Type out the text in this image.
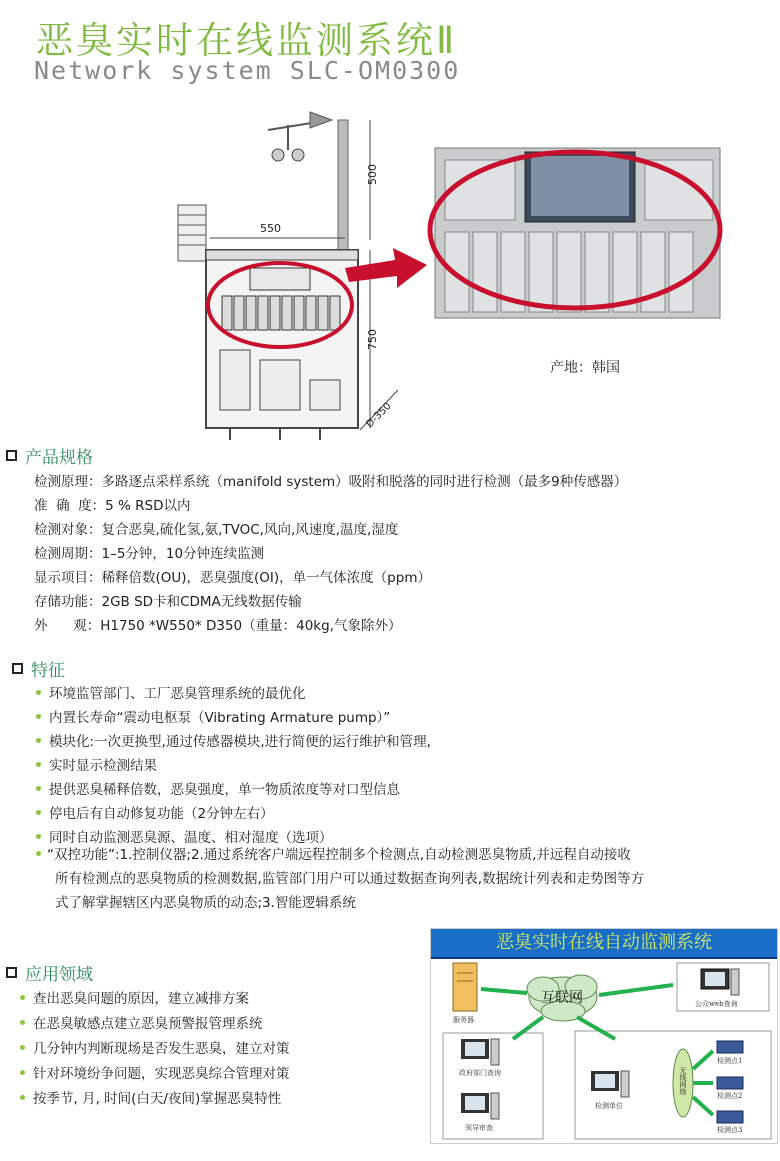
恶臭实时在线监测系统Ⅱ
Network system SLC-OM0300
550
500
750
D-350
产地：韩国
产品规格
检测原理：多路逐点采样系统（manifold system）吸附和脱落的同时进行检测（最多9种传感器）
准  确  度：5 % RSD以内
检测对象：复合恶臭,硫化氢,氨,TVOC,风向,风速度,温度,湿度
检测周期：1–5分钟，10分钟连续监测
显示项目：稀释倍数(OU)，恶臭强度(OI)，单一气体浓度（ppm）
存储功能：2GB SD卡和CDMA无线数据传输
外      观：H1750 *W550* D350（重量：40kg,气象除外）
特征
环境监管部门、工厂恶臭管理系统的最优化
内置长寿命“震动电枢泵（Vibrating Armature pump）”
模块化:一次更换型,通过传感器模块,进行简便的运行维护和管理,
实时显示检测结果
提供恶臭稀释倍数，恶臭强度，单一物质浓度等对口型信息
停电后有自动修复功能（2分钟左右）
同时自动监测恶臭源、温度、相对湿度（选项）
“双控功能”:1.控制仪器;2.通过系统客户端远程控制多个检测点,自动检测恶臭物质,并远程自动接收
所有检测点的恶臭物质的检测数据,监管部门用户可以通过数据查询列表,数据统计列表和走势图等方
式了解掌握辖区内恶臭物质的动态;3.智能逻辑系统
应用领域
查出恶臭问题的原因，建立减排方案
在恶臭敏感点建立恶臭预警报管理系统
几分钟内判断现场是否发生恶臭，建立对策
针对环境纷争问题，实现恶臭综合管理对策
按季节, 月, 时间(白天/夜间)掌握恶臭特性
恶臭实时在线自动监测系统
互联网
服务器
公众web查询
政府部门查询
领导审查
检测单位
无线网络
检测点1
检测点2
检测点3
